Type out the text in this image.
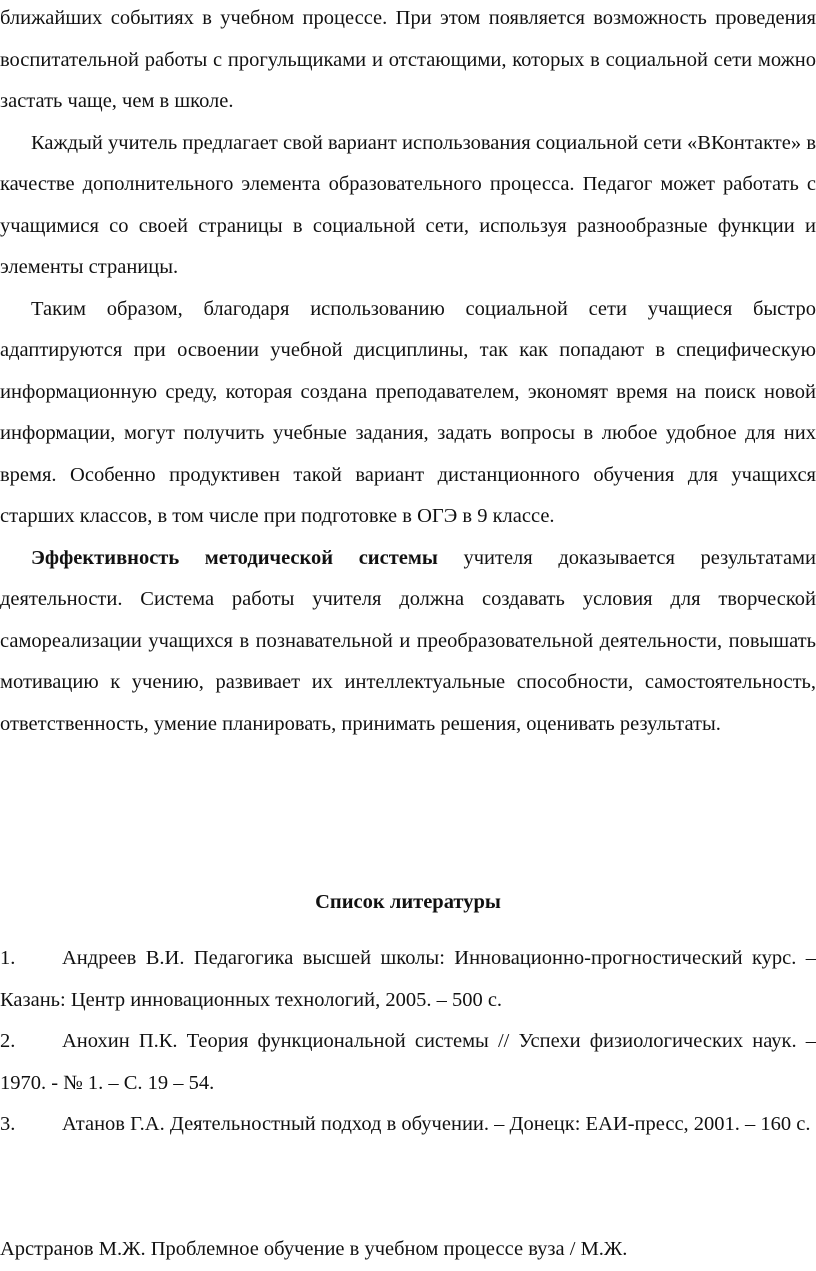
ближайших событиях в учебном процессе. При этом появляется возможность проведения воспитательной работы с прогульщиками и отстающими, которых в социальной сети можно застать чаще, чем в школе.

Каждый учитель предлагает свой вариант использования социальной сети «ВКонтакте» в качестве дополнительного элемента образовательного процесса. Педагог может работать с учащимися со своей страницы в социальной сети, используя разнообразные функции и элементы страницы.

Таким образом, благодаря использованию социальной сети учащиеся быстро адаптируются при освоении учебной дисциплины, так как попадают в специфическую информационную среду, которая создана преподавателем, экономят время на поиск новой информации, могут получить учебные задания, задать вопросы в любое удобное для них время. Особенно продуктивен такой вариант дистанционного обучения для учащихся старших классов, в том числе при подготовке в ОГЭ в 9 классе.

Эффективность методической системы учителя доказывается результатами деятельности. Система работы учителя должна создавать условия для творческой самореализации учащихся в познавательной и преобразовательной деятельности, повышать мотивацию к учению, развивает их интеллектуальные способности, самостоятельность, ответственность, умение планировать, принимать решения, оценивать результаты.

Список литературы

1. Андреев В.И. Педагогика высшей школы: Инновационно-прогностический курс. – Казань: Центр инновационных технологий, 2005. – 500 с.

2. Анохин П.К. Теория функциональной системы // Успехи физиологических наук. – 1970. - № 1. – С. 19 – 54.

3. Атанов Г.А. Деятельностный подход в обучении. – Донецк: ЕАИ-пресс, 2001. – 160 с.

Арстранов М.Ж. Проблемное обучение в учебном процессе вуза / М.Ж.
